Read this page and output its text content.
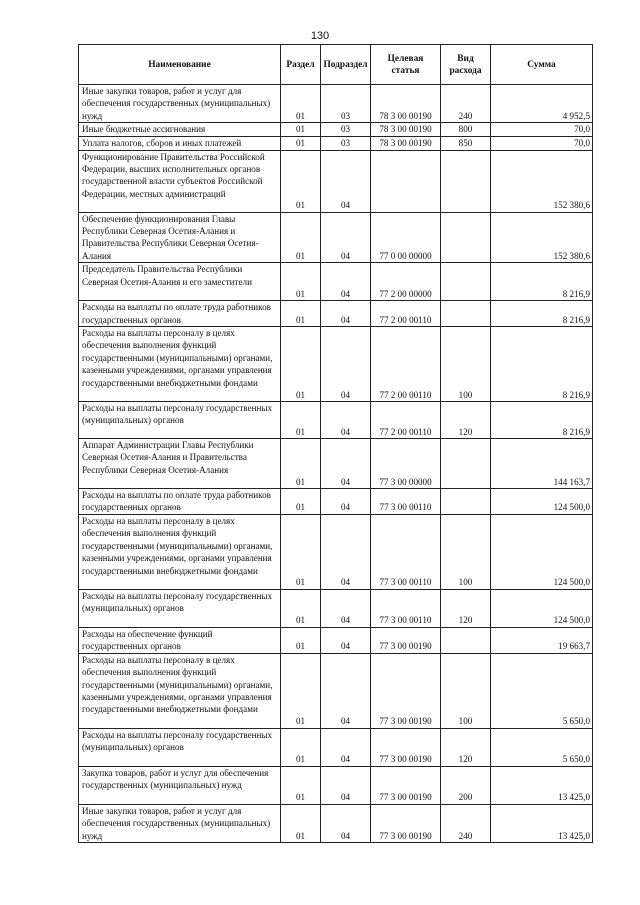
130
Наименование	Раздел	Подраздел	Целевая статья	Вид расхода	Сумма
Иные закупки товаров, работ и услуг для обеспечения государственных (муниципальных) нужд	01	03	78 3 00 00190	240	4 952,5
Иные бюджетные ассигнования	01	03	78 3 00 00190	800	70,0
Уплата налогов, сборов и иных платежей	01	03	78 3 00 00190	850	70,0
Функционирование Правительства Российской Федерации, высших исполнительных органов государственной власти субъектов Российской Федерации, местных администраций	01	04			152 380,6
Обеспечение функционирования Главы Республики Северная Осетия-Алания и Правительства Республики Северная Осетия-Алания	01	04	77 0 00 00000		152 380,6
Председатель Правительства Республики Северная Осетия-Алания и его заместители	01	04	77 2 00 00000		8 216,9
Расходы на выплаты по оплате труда работников государственных органов	01	04	77 2 00 00110		8 216,9
Расходы на выплаты персоналу в целях обеспечения выполнения функций государственными (муниципальными) органами, казенными учреждениями, органами управления государственными внебюджетными фондами	01	04	77 2 00 00110	100	8 216,9
Расходы на выплаты персоналу государственных (муниципальных) органов	01	04	77 2 00 00110	120	8 216,9
Аппарат Администрации Главы Республики Северная Осетия-Алания и Правительства Республики Северная Осетия-Алания	01	04	77 3 00 00000		144 163,7
Расходы на выплаты по оплате труда работников государственных органов	01	04	77 3 00 00110		124 500,0
Расходы на выплаты персоналу в целях обеспечения выполнения функций государственными (муниципальными) органами, казенными учреждениями, органами управления государственными внебюджетными фондами	01	04	77 3 00 00110	100	124 500,0
Расходы на выплаты персоналу государственных (муниципальных) органов	01	04	77 3 00 00110	120	124 500,0
Расходы на обеспечение функций государственных органов	01	04	77 3 00 00190		19 663,7
Расходы на выплаты персоналу в целях обеспечения выполнения функций государственными (муниципальными) органами, казенными учреждениями, органами управления государственными внебюджетными фондами	01	04	77 3 00 00190	100	5 650,0
Расходы на выплаты персоналу государственных (муниципальных) органов	01	04	77 3 00 00190	120	5 650,0
Закупка товаров, работ и услуг для обеспечения государственных (муниципальных) нужд	01	04	77 3 00 00190	200	13 425,0
Иные закупки товаров, работ и услуг для обеспечения государственных (муниципальных) нужд	01	04	77 3 00 00190	240	13 425,0
